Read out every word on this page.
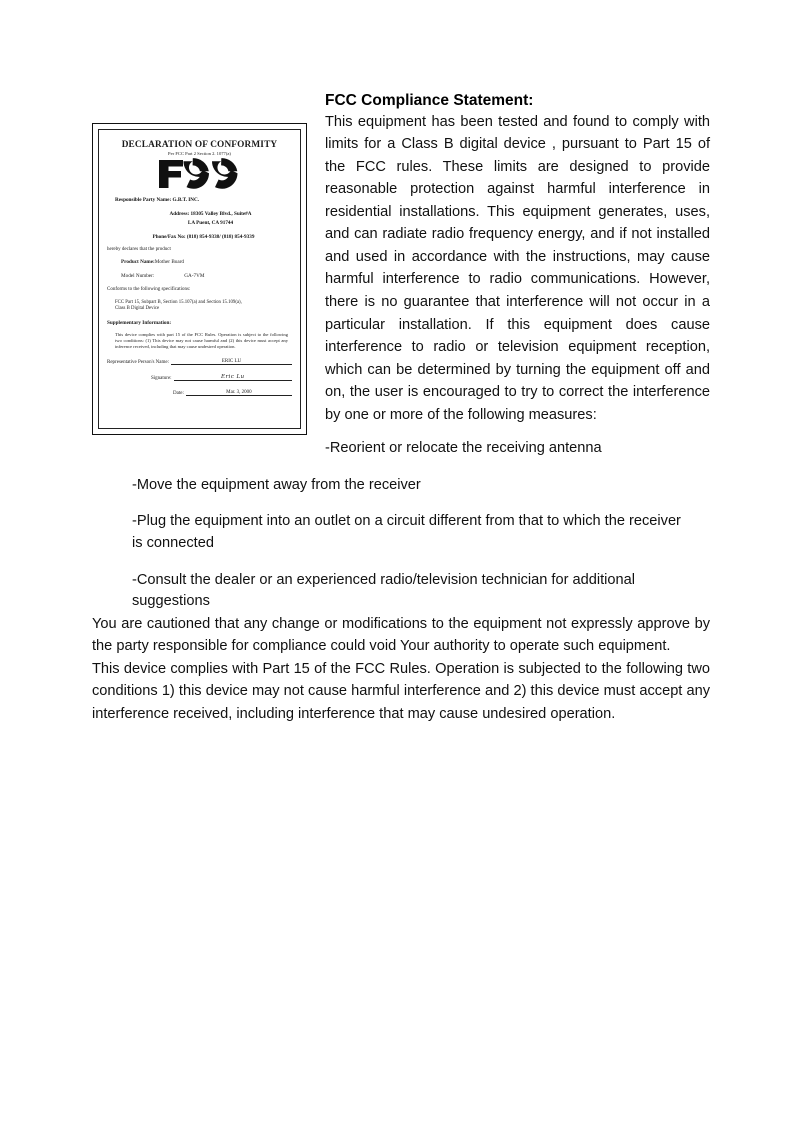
DECLARATION OF CONFORMITY
Per FCC Part 2 Section 2. 1077(a)
Responsible Party Name: G.B.T. INC.
Address: 18305 Valley Blvd., Suite#A
LA Puent, CA 91744
Phone/Fax No: (818) 854-9338/ (818) 854-9339
hereby declares that the product
Product Name:Mother Board
Model Number:	GA-7VM
Conforms to the following specifications:
FCC Part 15, Subpart B, Section 15.107(a) and Section 15.109(a),
Class B Digital Device
Supplementary Information:
This device complies with part 15 of the FCC Rules. Operation is subject to the following two conditions: (1) This device may not cause harmful and (2) this device must accept any inference received, including that may cause undesired operation.
Representative Person's Name:	ERIC LU
Signature:	Eric Lu
Date:	Mar. 3, 2000
FCC Compliance Statement:

This equipment has been tested and found to comply with limits for a Class B digital device , pursuant to Part 15 of the FCC rules. These limits are designed to provide reasonable protection against harmful interference in residential installations. This equipment generates, uses, and can radiate radio frequency energy, and if not installed and used in accordance with the instructions, may cause harmful interference to radio communications. However, there is no guarantee that interference will not occur in a particular installation. If this equipment does cause interference to radio or television equipment reception, which can be determined by turning the equipment off and on, the user is encouraged to try to correct the interference by one or more of the following measures:

-Reorient or relocate the receiving antenna
-Move the equipment away from the receiver
-Plug the equipment into an outlet on a circuit different from that to which the receiver is connected
-Consult the dealer or an experienced radio/television technician for additional suggestions

You are cautioned that any change or modifications to the equipment not expressly approve by the party responsible for compliance could void Your authority to operate such equipment.

This device complies with Part 15 of the FCC Rules. Operation is subjected to the following two conditions 1) this device may not cause harmful interference and 2) this device must accept any interference received, including interference that may cause undesired operation.
